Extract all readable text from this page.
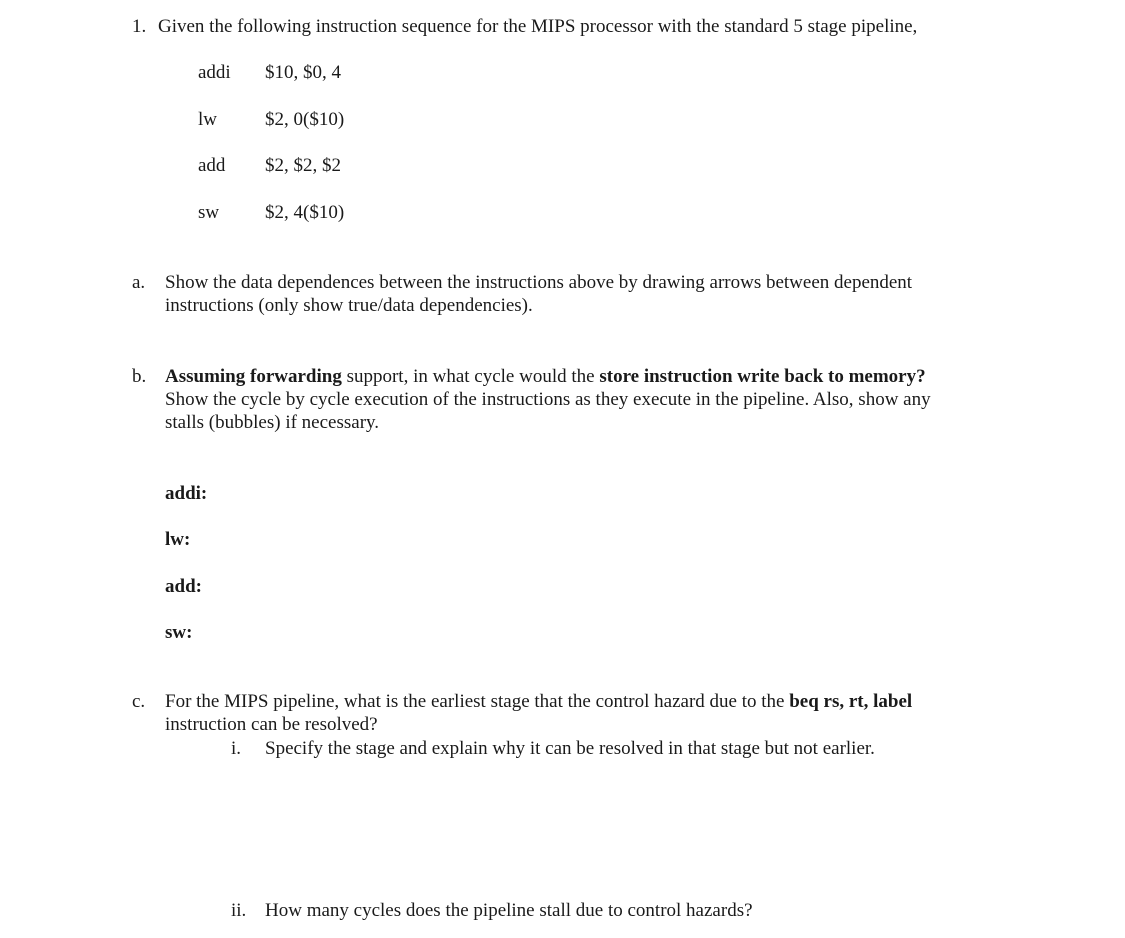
1. Given the following instruction sequence for the MIPS processor with the standard 5 stage pipeline,
addi $10, $0, 4
lw	$2, 0($10)
add $2, $2, $2
sw $2, 4($10)
a. Show the data dependences between the instructions above by drawing arrows between dependent
instructions (only show true/data dependencies).
b. Assuming forwarding support, in what cycle would the store instruction write back to memory?
Show the cycle by cycle execution of the instructions as they execute in the pipeline. Also, show any
stalls (bubbles) if necessary.
addi:
lw:
add:
sw:
c. For the MIPS pipeline, what is the earliest stage that the control hazard due to the beq rs, rt, label
instruction can be resolved?
i. Specify the stage and explain why it can be resolved in that stage but not earlier.
ii. How many cycles does the pipeline stall due to control hazards?
